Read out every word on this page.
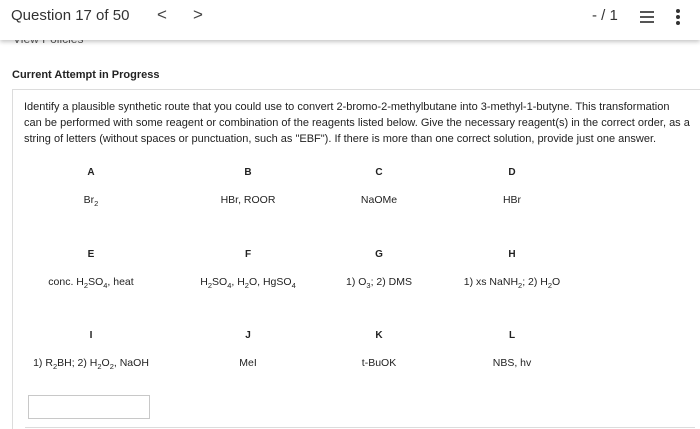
Question 17 of 50 < >	- / 1
Current Attempt in Progress

Identify a plausible synthetic route that you could use to convert 2-bromo-2-methylbutane into 3-methyl-1-butyne. This transformation can be performed with some reagent or combination of the reagents listed below. Give the necessary reagent(s) in the correct order, as a string of letters (without spaces or punctuation, such as "EBF"). If there is more than one correct solution, provide just one answer.

A
$Br_2$
B
HBr, ROOR
C
NaOMe
D
HBr
E
conc. $H_2SO_4$, heat
F
$H_2SO_4$, $H_2O$, HgSO$_4$
G
1) $O_3$; 2) DMS
H
1) xs NaNH$_2$; 2) $H_2O$
I
1) $R_2BH$; 2) $H_2O_2$, NaOH
J
MeI
K
t-BuOK
L
NBS, hv
